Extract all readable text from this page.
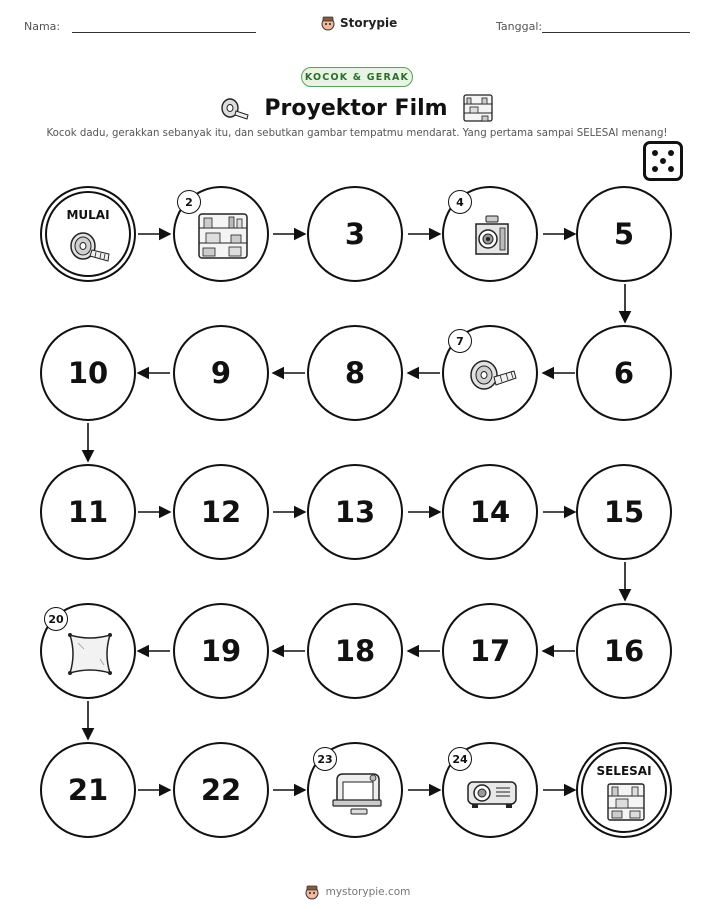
Nama:	Storypie	Tanggal:
KOCOK & GERAK
Proyektor Film
Kocok dadu, gerakkan sebanyak itu, dan sebutkan gambar tempatmu mendarat. Yang pertama sampai SELESAI menang!
MULAI
2
3
4
5
10	9	8
7
6
11	12	13	14	15
20
19	18	17	16
21	22
23	24
SELESAI
mystorypie.com
